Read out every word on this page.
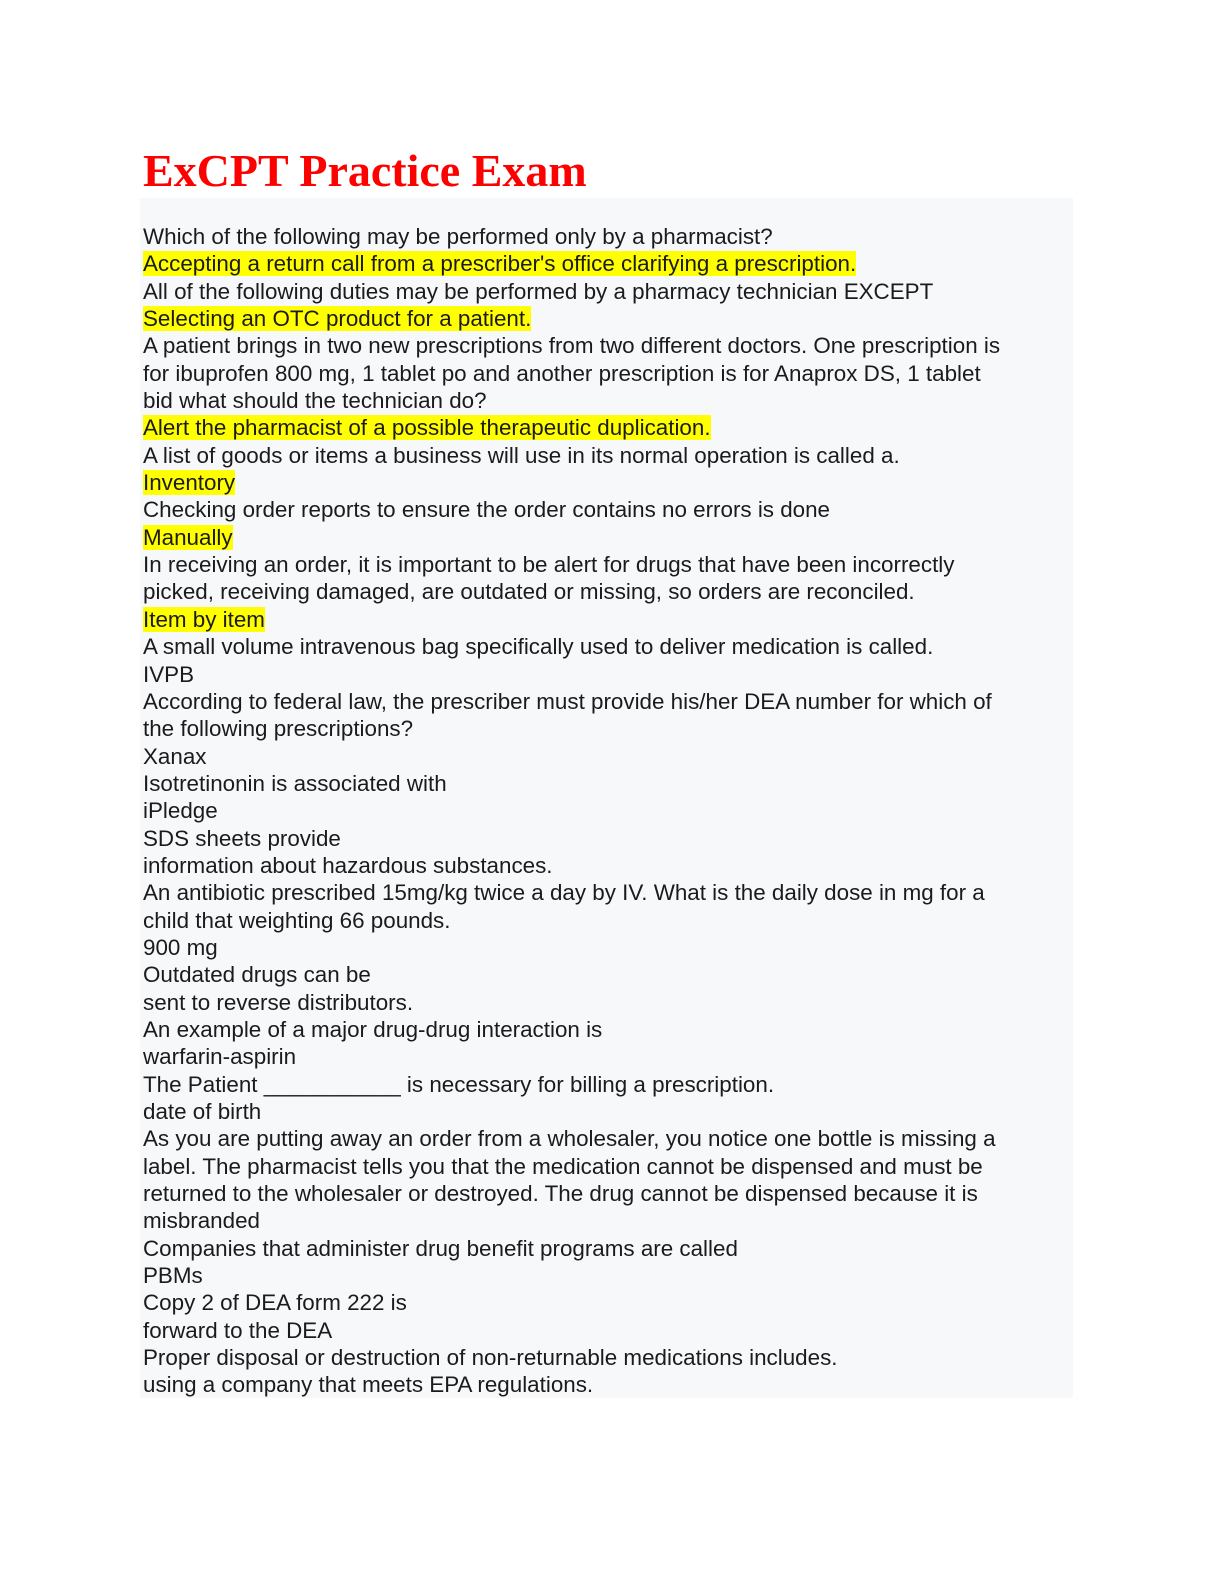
ExCPT Practice Exam
Which of the following may be performed only by a pharmacist?
Accepting a return call from a prescriber's office clarifying a prescription.
All of the following duties may be performed by a pharmacy technician EXCEPT
Selecting an OTC product for a patient.
A patient brings in two new prescriptions from two different doctors. One prescription is
for ibuprofen 800 mg, 1 tablet po and another prescription is for Anaprox DS, 1 tablet
bid what should the technician do?
Alert the pharmacist of a possible therapeutic duplication.
A list of goods or items a business will use in its normal operation is called a.
Inventory
Checking order reports to ensure the order contains no errors is done
Manually
In receiving an order, it is important to be alert for drugs that have been incorrectly
picked, receiving damaged, are outdated or missing, so orders are reconciled.
Item by item
A small volume intravenous bag specifically used to deliver medication is called.
IVPB
According to federal law, the prescriber must provide his/her DEA number for which of
the following prescriptions?
Xanax
Isotretinonin is associated with
iPledge
SDS sheets provide
information about hazardous substances.
An antibiotic prescribed 15mg/kg twice a day by IV. What is the daily dose in mg for a
child that weighting 66 pounds.
900 mg
Outdated drugs can be
sent to reverse distributors.
An example of a major drug-drug interaction is
warfarin-aspirin
The Patient ___________ is necessary for billing a prescription.
date of birth
As you are putting away an order from a wholesaler, you notice one bottle is missing a
label. The pharmacist tells you that the medication cannot be dispensed and must be
returned to the wholesaler or destroyed. The drug cannot be dispensed because it is
misbranded
Companies that administer drug benefit programs are called
PBMs
Copy 2 of DEA form 222 is
forward to the DEA
Proper disposal or destruction of non-returnable medications includes.
using a company that meets EPA regulations.
